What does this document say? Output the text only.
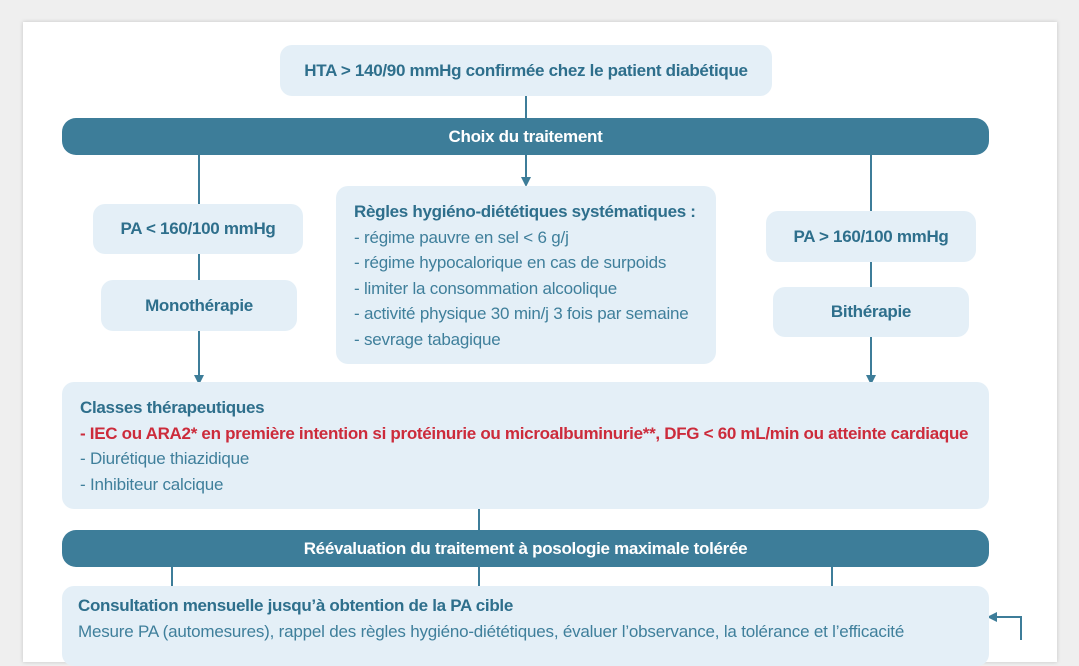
HTA > 140/90 mmHg confirmée chez le patient diabétique
Choix du traitement
PA < 160/100 mmHg
Monothérapie
PA > 160/100 mmHg
Bithérapie
Règles hygiéno-diététiques systématiques :
- régime pauvre en sel < 6 g/j
- régime hypocalorique en cas de surpoids
- limiter la consommation alcoolique
- activité physique 30 min/j 3 fois par semaine
- sevrage tabagique
Classes thérapeutiques
- IEC ou ARA2* en première intention si protéinurie ou microalbuminurie**, DFG < 60 mL/min ou atteinte cardiaque
- Diurétique thiazidique
- Inhibiteur calcique
Réévaluation du traitement à posologie maximale tolérée
Consultation mensuelle jusqu’à obtention de la PA cible
Mesure PA (automesures), rappel des règles hygiéno-diététiques, évaluer l’observance, la tolérance et l’efficacité
